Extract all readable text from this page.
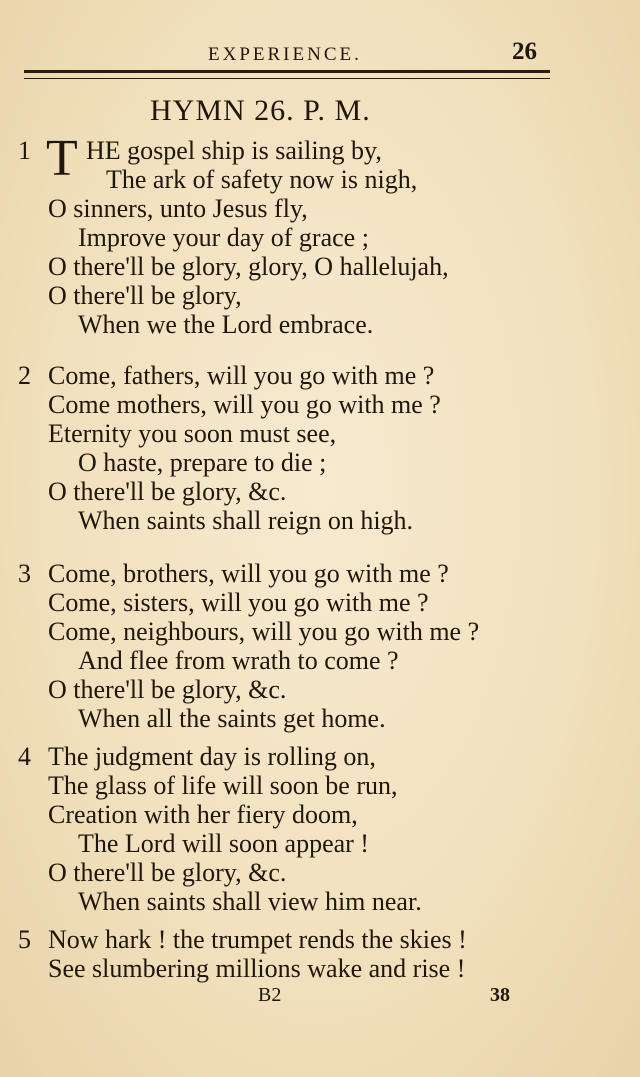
EXPERIENCE.	26
HYMN 26. P. M.
1 T HE gospel ship is sailing by,
The ark of safety now is nigh,
O sinners, unto Jesus fly,
Improve your day of grace ;
O there'll be glory, glory, O hallelujah,
O there'll be glory,
When we the Lord embrace.
2 Come, fathers, will you go with me ?
Come mothers, will you go with me ?
Eternity you soon must see,
O haste, prepare to die ;
O there'll be glory, &c.
When saints shall reign on high.
3 Come, brothers, will you go with me ?
Come, sisters, will you go with me ?
Come, neighbours, will you go with me ?
And flee from wrath to come ?
O there'll be glory, &c.
When all the saints get home.
4 The judgment day is rolling on,
The glass of life will soon be run,
Creation with her fiery doom,
The Lord will soon appear !
O there'll be glory, &c.
When saints shall view him near.
5 Now hark ! the trumpet rends the skies !
See slumbering millions wake and rise !
B2	38
